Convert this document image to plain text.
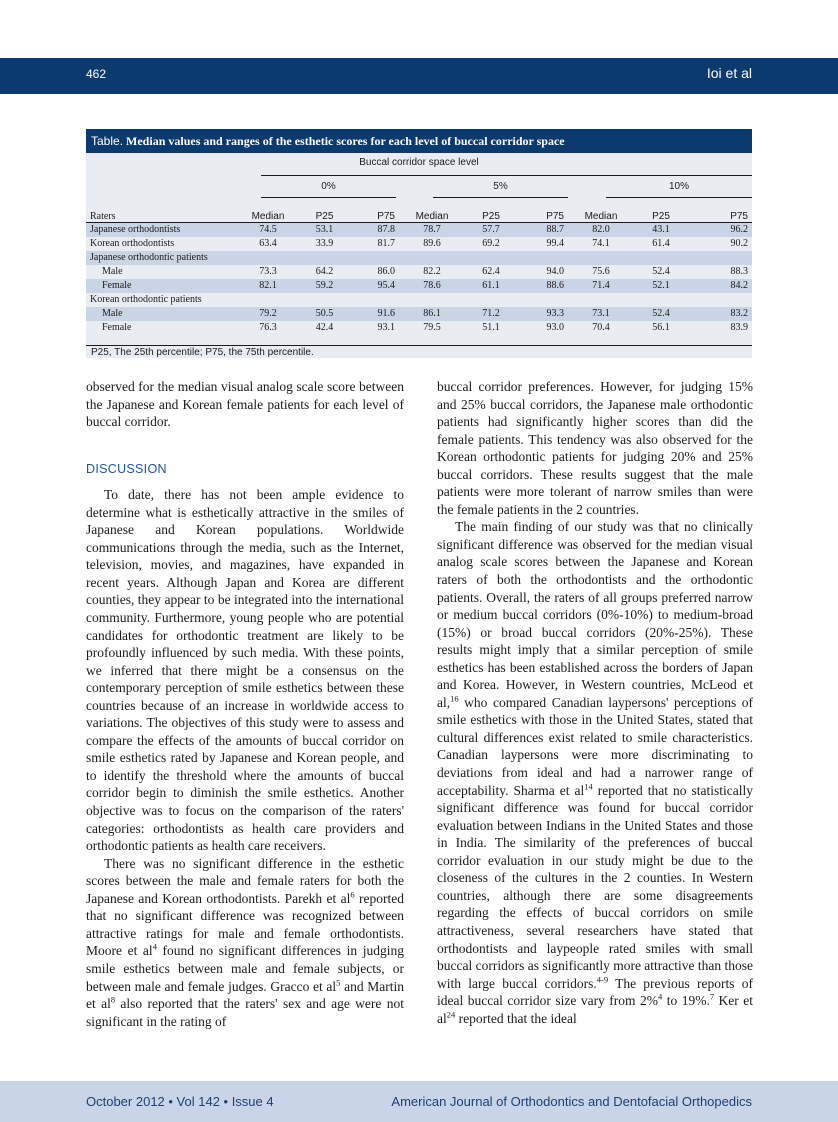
462	Ioi et al
Table. Median values and ranges of the esthetic scores for each level of buccal corridor space
Buccal corridor space level
0%	5%	10%
Raters	Median	P25	P75	Median	P25	P75	Median	P25	P75
Japanese orthodontists	74.5	53.1	87.8	78.7	57.7	88.7	82.0	43.1	96.2
Korean orthodontists	63.4	33.9	81.7	89.6	69.2	99.4	74.1	61.4	90.2
Japanese orthodontic patients									
Male	73.3	64.2	86.0	82.2	62.4	94.0	75.6	52.4	88.3
Female	82.1	59.2	95.4	78.6	61.1	88.6	71.4	52.1	84.2
Korean orthodontic patients									
Male	79.2	50.5	91.6	86.1	71.2	93.3	73.1	52.4	83.2
Female	76.3	42.4	93.1	79.5	51.1	93.0	70.4	56.1	83.9
P25, The 25th percentile; P75, the 75th percentile.

observed for the median visual analog scale score between the Japanese and Korean female patients for each level of buccal corridor.

DISCUSSION

To date, there has not been ample evidence to determine what is esthetically attractive in the smiles of Japanese and Korean populations. Worldwide communications through the media, such as the Internet, television, movies, and magazines, have expanded in recent years. Although Japan and Korea are different counties, they appear to be integrated into the international community. Furthermore, young people who are potential candidates for orthodontic treatment are likely to be profoundly influenced by such media. With these points, we inferred that there might be a consensus on the contemporary perception of smile esthetics between these countries because of an increase in worldwide access to variations. The objectives of this study were to assess and compare the effects of the amounts of buccal corridor on smile esthetics rated by Japanese and Korean people, and to identify the threshold where the amounts of buccal corridor begin to diminish the smile esthetics. Another objective was to focus on the comparison of the raters' categories: orthodontists as health care providers and orthodontic patients as health care receivers.

There was no significant difference in the esthetic scores between the male and female raters for both the Japanese and Korean orthodontists. Parekh et $al^6$ reported that no significant difference was recognized between attractive ratings for male and female orthodontists. Moore et $al^4$ found no significant differences in judging smile esthetics between male and female subjects, or between male and female judges. Gracco et $al^5$ and Martin et $al^8$ also reported that the raters' sex and age were not significant in the rating of

buccal corridor preferences. However, for judging 15% and 25% buccal corridors, the Japanese male orthodontic patients had significantly higher scores than did the female patients. This tendency was also observed for the Korean orthodontic patients for judging 20% and 25% buccal corridors. These results suggest that the male patients were more tolerant of narrow smiles than were the female patients in the 2 countries.

The main finding of our study was that no clinically significant difference was observed for the median visual analog scale scores between the Japanese and Korean raters of both the orthodontists and the orthodontic patients. Overall, the raters of all groups preferred narrow or medium buccal corridors (0%-10%) to medium-broad (15%) or broad buccal corridors (20%-25%). These results might imply that a similar perception of smile esthetics has been established across the borders of Japan and Korea. However, in Western countries, McLeod et al,$^{16}$ who compared Canadian laypersons' perceptions of smile esthetics with those in the United States, stated that cultural differences exist related to smile characteristics. Canadian laypersons were more discriminating to deviations from ideal and had a narrower range of acceptability. Sharma et $al^{14}$ reported that no statistically significant difference was found for buccal corridor evaluation between Indians in the United States and those in India. The similarity of the preferences of buccal corridor evaluation in our study might be due to the closeness of the cultures in the 2 counties. In Western countries, although there are some disagreements regarding the effects of buccal corridors on smile attractiveness, several researchers have stated that orthodontists and laypeople rated smiles with small buccal corridors as significantly more attractive than those with large buccal corridors.$^{4-9}$ The previous reports of ideal buccal corridor size vary from 2%$^4$ to 19%.$^7$ Ker et $al^{24}$ reported that the ideal

October 2012 • Vol 142 • Issue 4	American Journal of Orthodontics and Dentofacial Orthopedics
